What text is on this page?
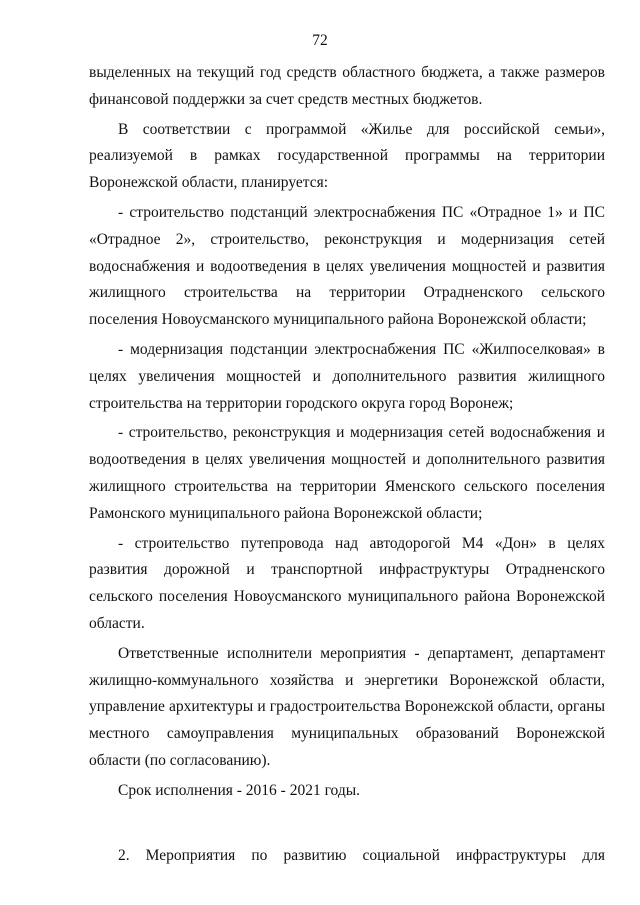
72

выделенных на текущий год средств областного бюджета, а также размеров финансовой поддержки за счет средств местных бюджетов.

В соответствии с программой «Жилье для российской семьи», реализуемой в рамках государственной программы на территории Воронежской области, планируется:

- строительство подстанций электроснабжения ПС «Отрадное 1» и ПС «Отрадное 2», строительство, реконструкция и модернизация сетей водоснабжения и водоотведения в целях увеличения мощностей и развития жилищного строительства на территории Отрадненского сельского поселения Новоусманского муниципального района Воронежской области;

- модернизация подстанции электроснабжения ПС «Жилпоселковая» в целях увеличения мощностей и дополнительного развития жилищного строительства на территории городского округа город Воронеж;

- строительство, реконструкция и модернизация сетей водоснабжения и водоотведения в целях увеличения мощностей и дополнительного развития жилищного строительства на территории Яменского сельского поселения Рамонского муниципального района Воронежской области;

- строительство путепровода над автодорогой М4 «Дон» в целях развития дорожной и транспортной инфраструктуры Отрадненского сельского поселения Новоусманского муниципального района Воронежской области.

Ответственные исполнители мероприятия - департамент, департамент жилищно-коммунального хозяйства и энергетики Воронежской области, управление архитектуры и градостроительства Воронежской области, органы местного самоуправления муниципальных образований Воронежской области (по согласованию).

Срок исполнения - 2016 - 2021 годы.

2. Мероприятия по развитию социальной инфраструктуры для
